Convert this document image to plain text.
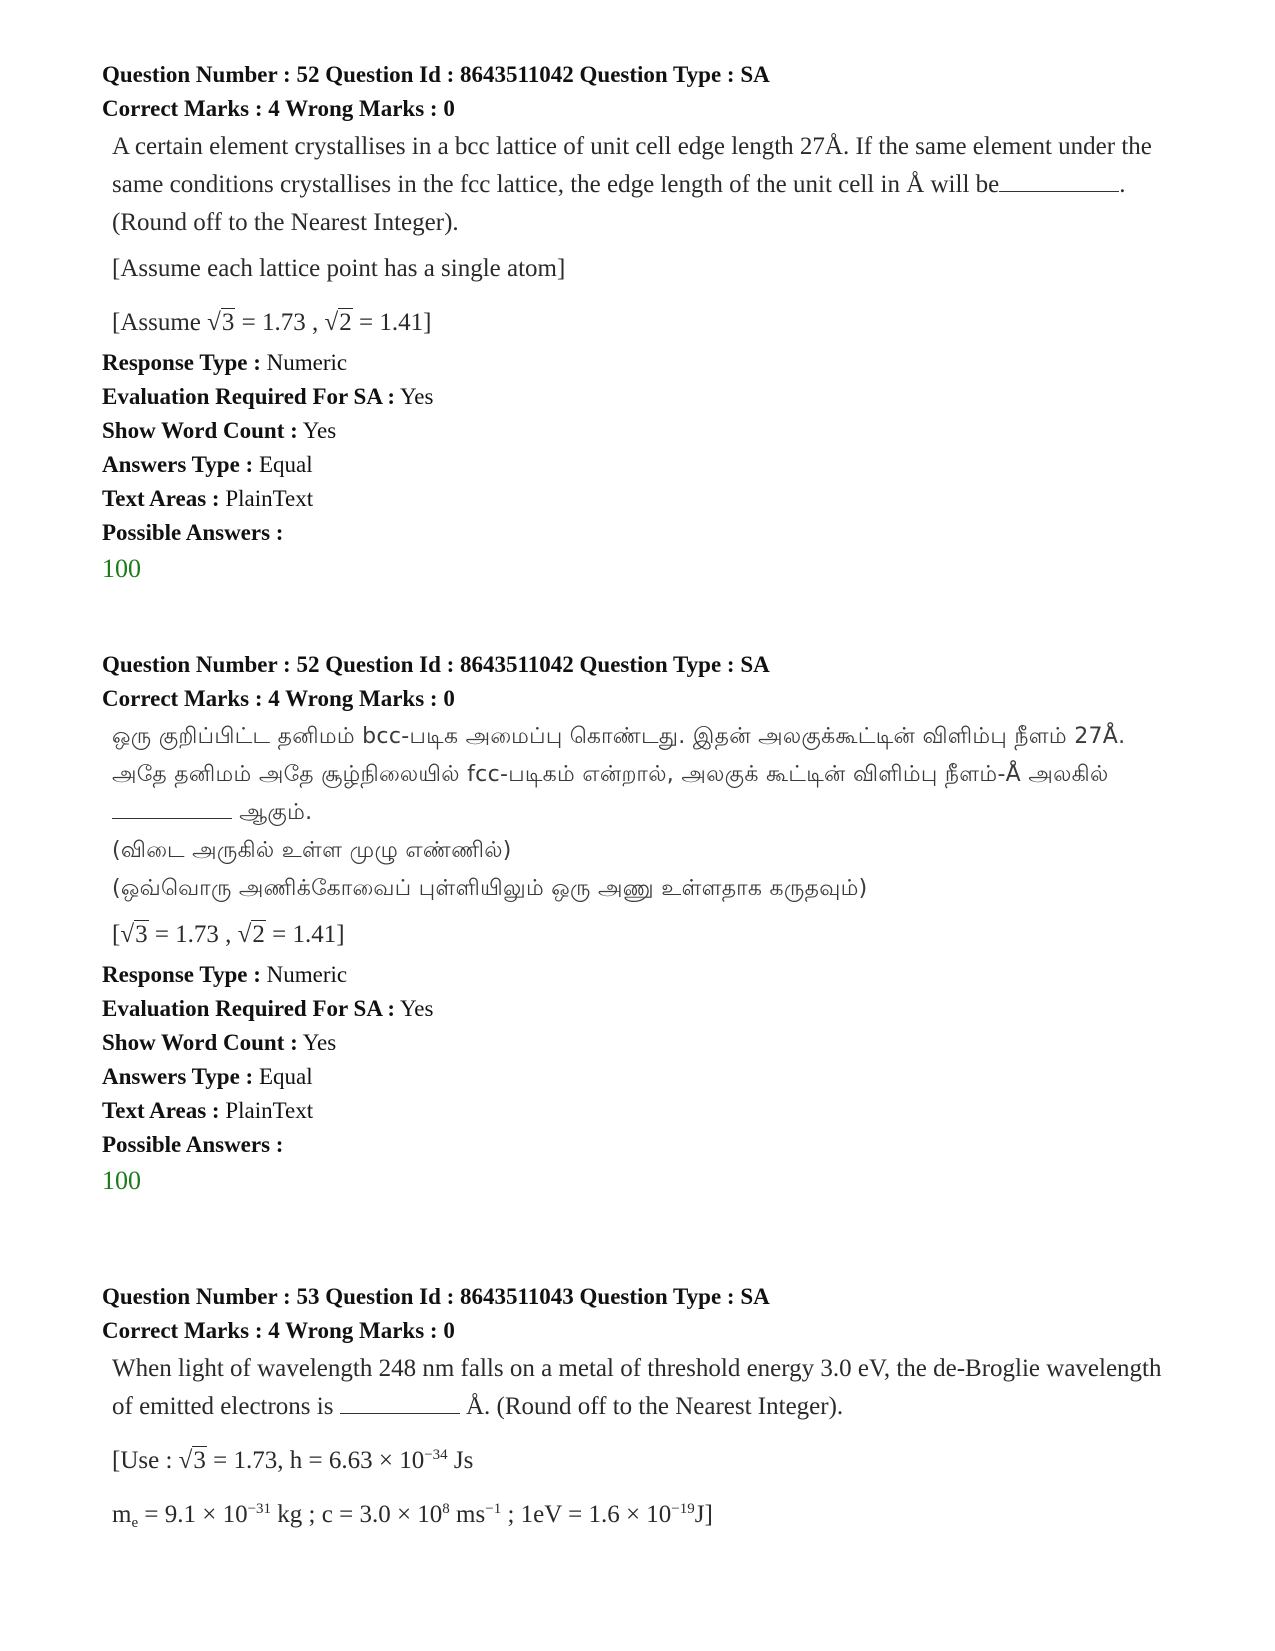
Question Number : 52 Question Id : 8643511042 Question Type : SA

Correct Marks : 4 Wrong Marks : 0

A certain element crystallises in a bcc lattice of unit cell edge length 27Å. If the same element under the same conditions crystallises in the fcc lattice, the edge length of the unit cell in Å will be	. (Round off to the Nearest Integer).

[Assume each lattice point has a single atom]

[Assume √3 = 1.73 , √2 = 1.41]

Response Type : Numeric

Evaluation Required For SA : Yes

Show Word Count : Yes

Answers Type : Equal

Text Areas : PlainText

Possible Answers :

100

Question Number : 52 Question Id : 8643511042 Question Type : SA

Correct Marks : 4 Wrong Marks : 0

ஒரு குறிப்பிட்ட தனிமம் bcc-படிக அமைப்பு கொண்டது. இதன் அலகுக்கூட்டின் விளிம்பு நீளம் 27Å. அதே தனிமம் அதே சூழ்நிலையில் fcc-படிகம் என்றால், அலகுக் கூட்டின் விளிம்பு நீளம்-Å அலகில்  ஆகும்.

(விடை அருகில் உள்ள முழு எண்ணில்)

(ஒவ்வொரு அணிக்கோவைப் புள்ளியிலும் ஒரு அணு உள்ளதாக கருதவும்)

[√3 = 1.73 , √2 = 1.41]

Response Type : Numeric

Evaluation Required For SA : Yes

Show Word Count : Yes

Answers Type : Equal

Text Areas : PlainText

Possible Answers :

100

Question Number : 53 Question Id : 8643511043 Question Type : SA

Correct Marks : 4 Wrong Marks : 0

When light of wavelength 248 nm falls on a metal of threshold energy 3.0 eV, the de-Broglie wavelength of emitted electrons is	Å. (Round off to the Nearest Integer).

[Use : √3 = 1.73, $h = 6.63 \times 10^{-34}$ Js

$m_e = 9.1 \times 10^{-31}$ kg ; $c = 3.0 \times 10^8$ $ms^{-1}$ ; $1eV = 1.6 \times 10^{-19}J$]
